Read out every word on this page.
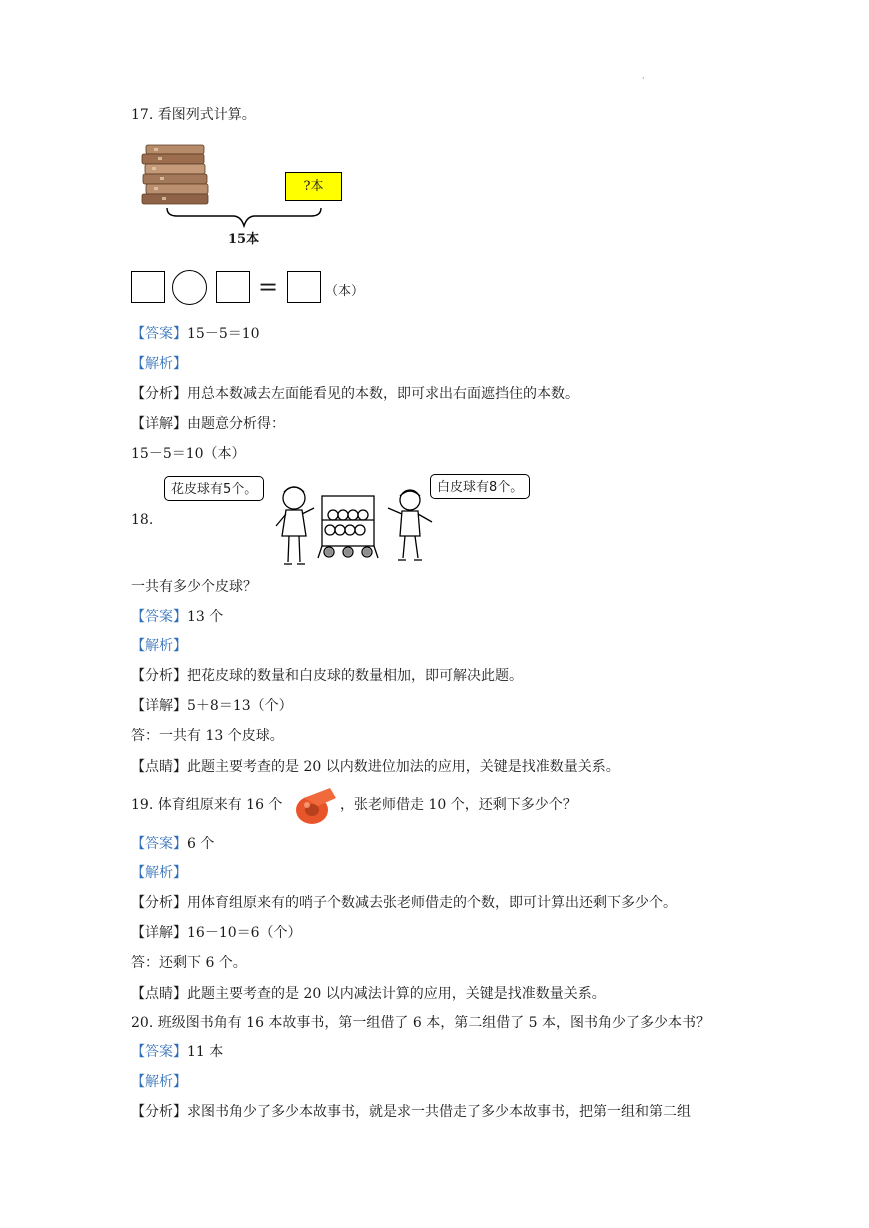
·
17. 看图列式计算。
?本
15本
=	（本）
【答案】15－5＝10
【解析】
【分析】用总本数减去左面能看见的本数，即可求出右面遮挡住的本数。
【详解】由题意分析得：
15－5＝10（本）
18.
花皮球有5个。	白皮球有8个。
一共有多少个皮球？
【答案】13 个
【解析】
【分析】把花皮球的数量和白皮球的数量相加，即可解决此题。
【详解】5＋8＝13（个）
答：一共有 13 个皮球。
【点睛】此题主要考查的是 20 以内数进位加法的应用，关键是找准数量关系。
19. 体育组原来有 16 个	，张老师借走 10 个，还剩下多少个？
【答案】6 个
【解析】
【分析】用体育组原来有的哨子个数减去张老师借走的个数，即可计算出还剩下多少个。
【详解】16－10＝6（个）
答：还剩下 6 个。
【点睛】此题主要考查的是 20 以内减法计算的应用，关键是找准数量关系。
20. 班级图书角有 16 本故事书，第一组借了 6 本，第二组借了 5 本，图书角少了多少本书？
【答案】11 本
【解析】
【分析】求图书角少了多少本故事书，就是求一共借走了多少本故事书，把第一组和第二组
